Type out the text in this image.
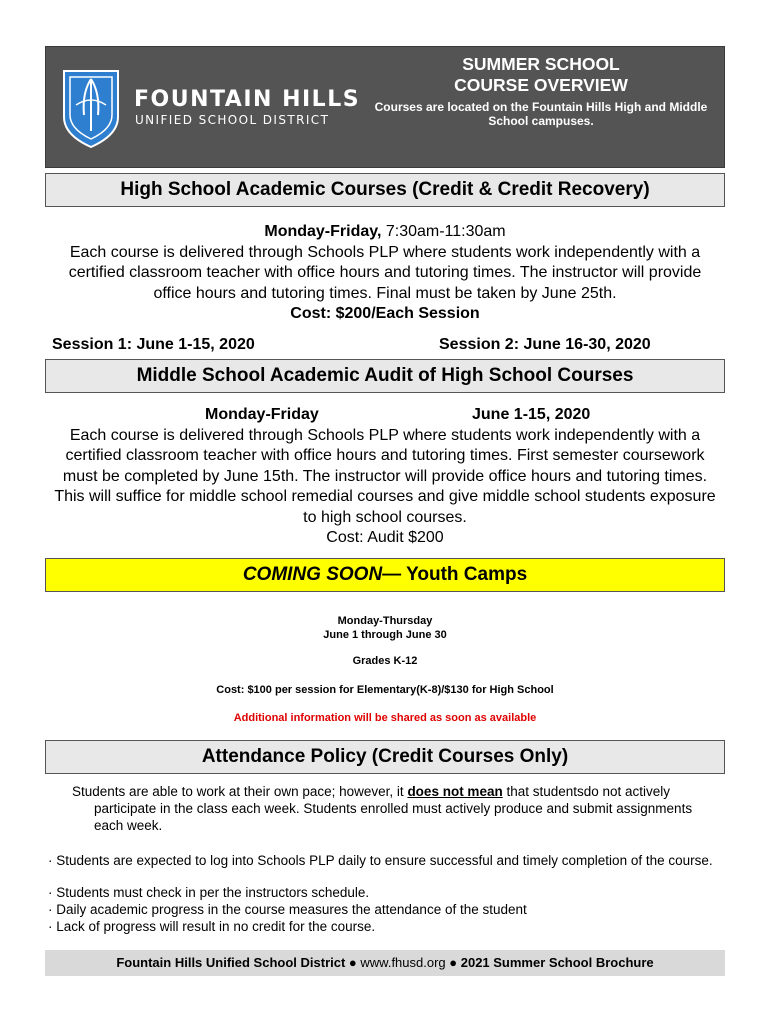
FOUNTAIN HILLS
UNIFIED SCHOOL DISTRICT
SUMMER SCHOOL
COURSE OVERVIEW
Courses are located on the Fountain Hills High and Middle School campuses.
High School Academic Courses (Credit & Credit Recovery)
Monday-Friday, 7:30am-11:30am
Each course is delivered through Schools PLP where students work independently with a certified classroom teacher with office hours and tutoring times. The instructor will provide office hours and tutoring times. Final must be taken by June 25th.
Cost: $200/Each Session
Session 1: June 1-15, 2020	Session 2: June 16-30, 2020
Middle School Academic Audit of High School Courses
Monday-Friday	June 1-15, 2020
Each course is delivered through Schools PLP where students work independently with a certified classroom teacher with office hours and tutoring times. First semester coursework must be completed by June 15th. The instructor will provide office hours and tutoring times. This will suffice for middle school remedial courses and give middle school students exposure to high school courses.
Cost: Audit $200
COMING SOON— Youth Camps
Monday-Thursday
June 1 through June 30
Grades K-12
Cost: $100 per session for Elementary(K-8)/$130 for High School
Additional information will be shared as soon as available
Attendance Policy (Credit Courses Only)
Students are able to work at their own pace; however, it does not mean that studentsdo not actively participate in the class each week. Students enrolled must actively produce and submit assignments each week.
· Students are expected to log into Schools PLP daily to ensure successful and timely completion of the course.
· Students must check in per the instructors schedule.
· Daily academic progress in the course measures the attendance of the student
· Lack of progress will result in no credit for the course.
Fountain Hills Unified School District ● www.fhusd.org ● 2021 Summer School Brochure
